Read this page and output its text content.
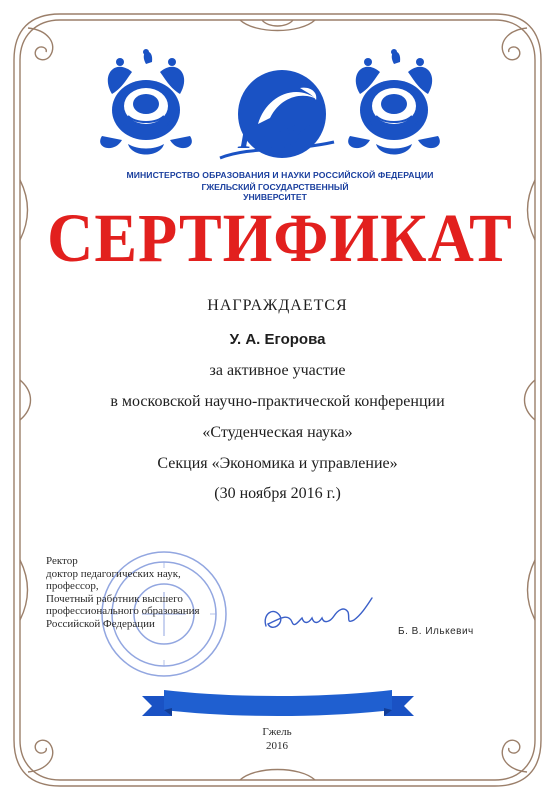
ГГУ
МИНИСТЕРСТВО ОБРАЗОВАНИЯ И НАУКИ РОССИЙСКОЙ ФЕДЕРАЦИИ
ГЖЕЛЬСКИЙ ГОСУДАРСТВЕННЫЙ УНИВЕРСИТЕТ
СЕРТИФИКАТ
НАГРАЖДАЕТСЯ
У. А. Егорова
за активное участие
в московской научно-практической конференции
«Студенческая наука»
Секция «Экономика и управление»
(30 ноября 2016 г.)
Ректор
доктор педагогических наук,
профессор,
Почетный работник высшего
профессионального образования
Российской Федерации
Б. В. Илькевич
Гжель
2016
